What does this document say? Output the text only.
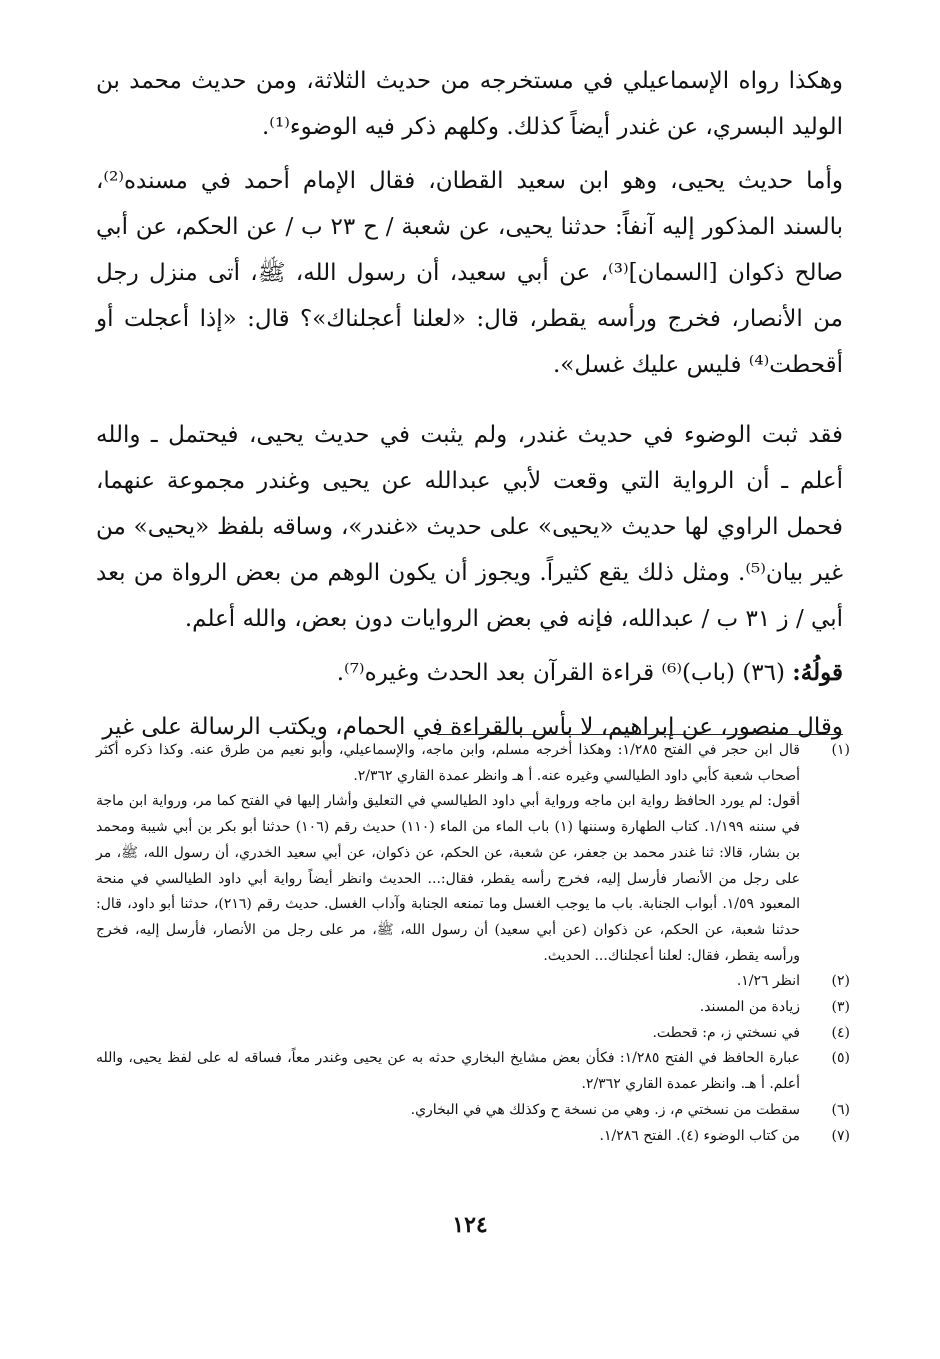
وهكذا رواه الإسماعيلي في مستخرجه من حديث الثلاثة، ومن حديث محمد بن الوليد البسري، عن غندر أيضاً كذلك. وكلهم ذكر فيه الوضوء⁽¹⁾.

وأما حديث يحيى، وهو ابن سعيد القطان، فقال الإمام أحمد في مسنده⁽²⁾، بالسند المذكور إليه آنفاً: حدثنا يحيى، عن شعبة / ح ٢٣ ب / عن الحكم، عن أبي صالح ذكوان [السمان]⁽³⁾، عن أبي سعيد، أن رسول الله، ﷺ، أتى منزل رجل من الأنصار، فخرج ورأسه يقطر، قال: «لعلنا أعجلناك»؟ قال: «إذا أعجلت أو أقحطت⁽⁴⁾ فليس عليك غسل».

فقد ثبت الوضوء في حديث غندر، ولم يثبت في حديث يحيى، فيحتمل ـ والله أعلم ـ أن الرواية التي وقعت لأبي عبدالله عن يحيى وغندر مجموعة عنهما، فحمل الراوي لها حديث «يحيى» على حديث «غندر»، وساقه بلفظ «يحيى» من غير بيان⁽⁵⁾. ومثل ذلك يقع كثيراً. ويجوز أن يكون الوهم من بعض الرواة من بعد أبي / ز ٣١ ب / عبدالله، فإنه في بعض الروايات دون بعض، والله أعلم.

قولُهُ: (٣٦) (باب)⁽⁶⁾ قراءة القرآن بعد الحدث وغيره⁽⁷⁾.

وقال منصور، عن إبراهيم، لا بأس بالقراءة في الحمام، ويكتب الرسالة على غير

(١)
قال ابن حجر في الفتح ١/٢٨٥: وهكذا أخرجه مسلم، وابن ماجه، والإسماعيلي، وأبو نعيم من طرق عنه. وكذا ذكره أكثر أصحاب شعبة كأبي داود الطيالسي وغيره عنه. أ هـ وانظر عمدة القاري ٢/٣٦٢.
أقول: لم يورد الحافظ رواية ابن ماجه ورواية أبي داود الطيالسي في التعليق وأشار إليها في الفتح كما مر، ورواية ابن ماجة في سننه ١/١٩٩. كتاب الطهارة وسننها (١) باب الماء من الماء (١١٠) حديث رقم (١٠٦) حدثنا أبو بكر بن أبي شيبة ومحمد بن بشار، قالا: ثنا غندر محمد بن جعفر، عن شعبة، عن الحكم، عن ذكوان، عن أبي سعيد الخدري، أن رسول الله، ﷺ، مر على رجل من الأنصار فأرسل إليه، فخرج رأسه يقطر، فقال:... الحديث وانظر أيضاً رواية أبي داود الطيالسي في منحة المعبود ١/٥٩. أبواب الجنابة. باب ما يوجب الغسل وما تمنعه الجنابة وآداب الغسل. حديث رقم (٢١٦)، حدثنا أبو داود، قال: حدثنا شعبة، عن الحكم، عن ذكوان (عن أبي سعيد) أن رسول الله، ﷺ، مر على رجل من الأنصار، فأرسل إليه، فخرج ورأسه يقطر، فقال: لعلنا أعجلناك... الحديث.
(٢)
انظر ١/٢٦.
(٣)
زيادة من المسند.
(٤)
في نسختي ز، م: قحطت.
(٥)
عبارة الحافظ في الفتح ١/٢٨٥: فكأن بعض مشايخ البخاري حدثه به عن يحيى وغندر معاً، فساقه له على لفظ يحيى، والله أعلم. أ هـ. وانظر عمدة القاري ٢/٣٦٢.
(٦)
سقطت من نسختي م، ز. وهي من نسخة ح وكذلك هي في البخاري.
(٧)
من كتاب الوضوء (٤). الفتح ١/٢٨٦.
١٢٤
